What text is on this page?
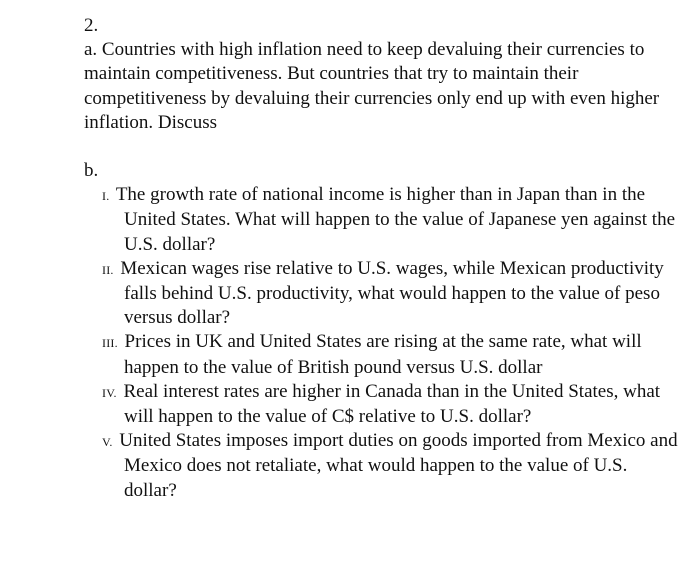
2.

a. Countries with high inflation need to keep devaluing their currencies to maintain competitiveness. But countries that try to maintain their competitiveness by devaluing their currencies only end up with even higher inflation. Discuss

b.

I. The growth rate of national income is higher than in Japan than in the United States. What will happen to the value of Japanese yen against the U.S. dollar?
II. Mexican wages rise relative to U.S. wages, while Mexican productivity falls behind U.S. productivity, what would happen to the value of peso versus dollar?
III. Prices in UK and United States are rising at the same rate, what will happen to the value of British pound versus U.S. dollar
IV. Real interest rates are higher in Canada than in the United States, what will happen to the value of C$ relative to U.S. dollar?
V. United States imposes import duties on goods imported from Mexico and Mexico does not retaliate, what would happen to the value of U.S. dollar?
